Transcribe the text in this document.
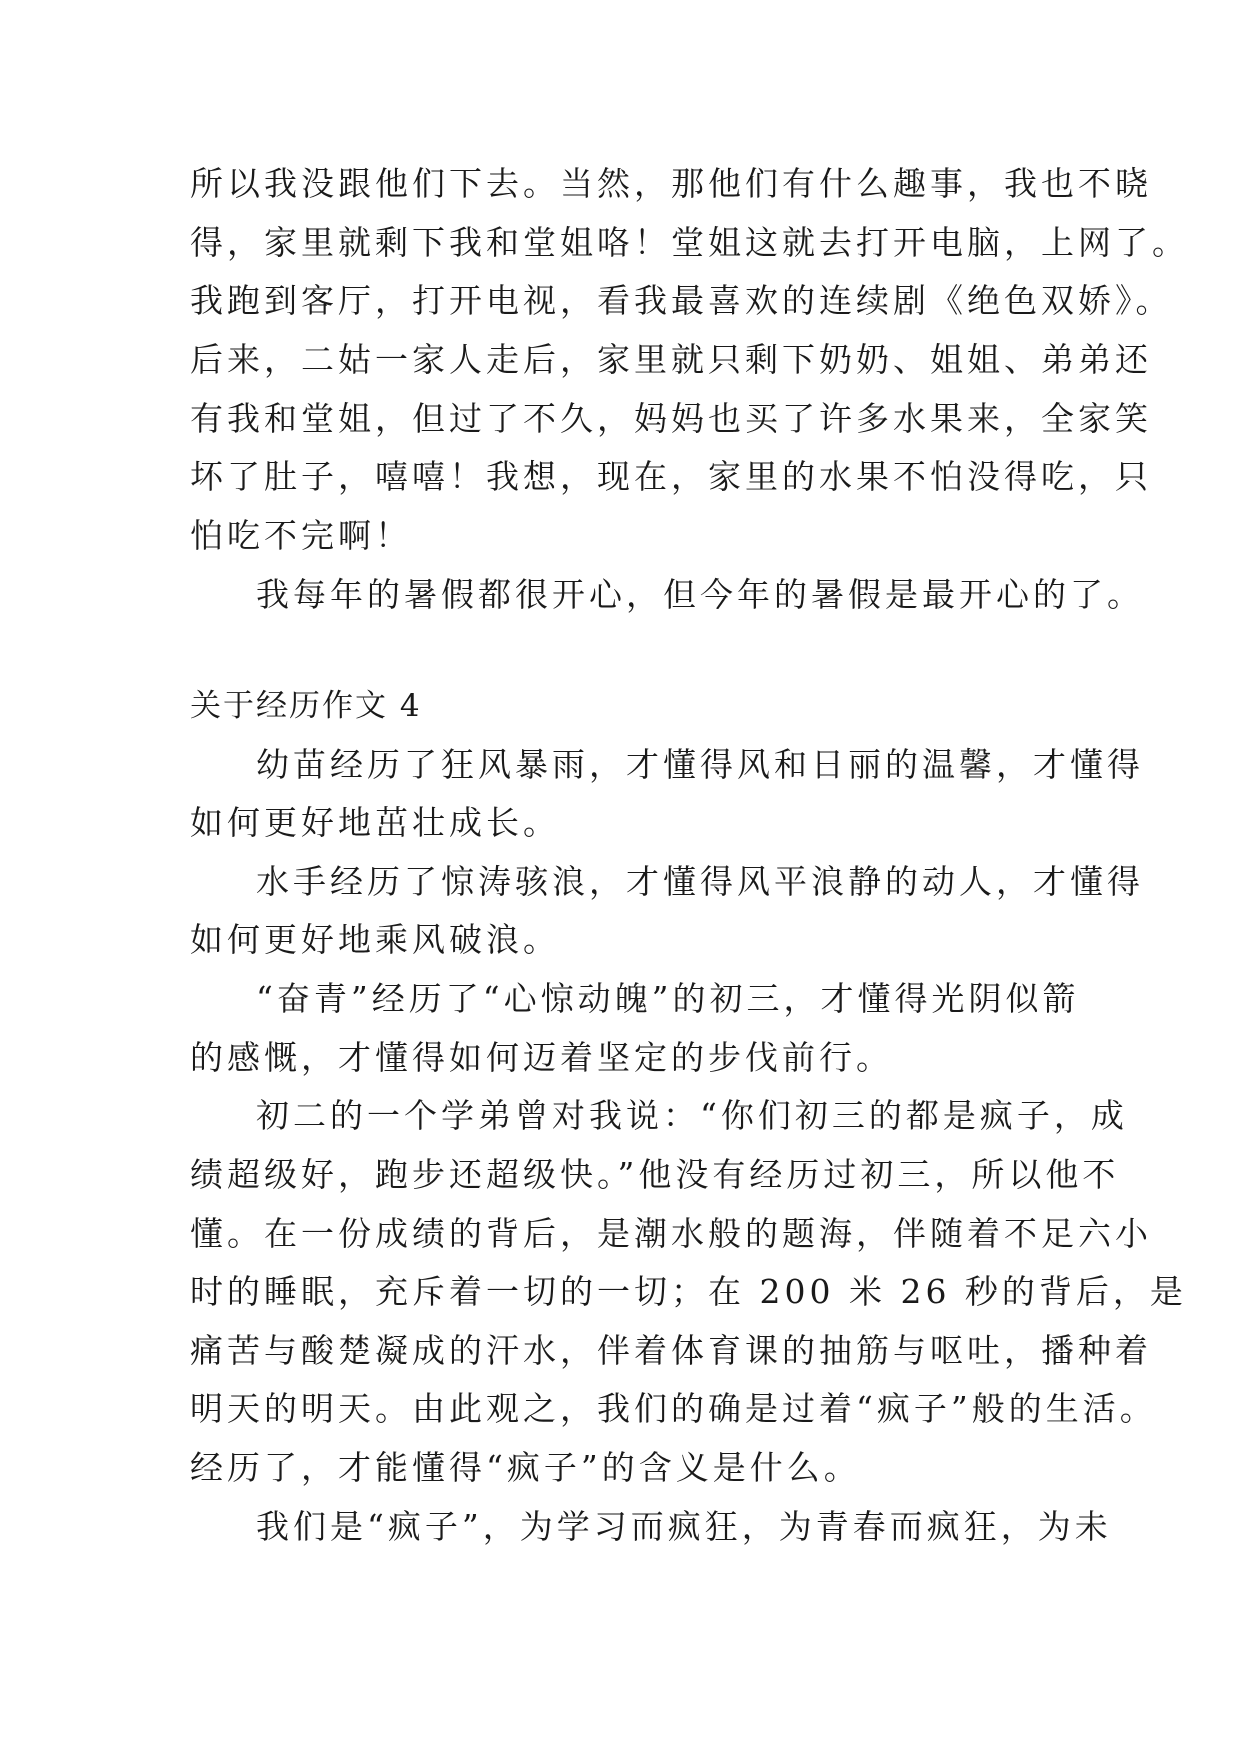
所以我没跟他们下去。当然，那他们有什么趣事，我也不晓
得，家里就剩下我和堂姐咯！堂姐这就去打开电脑，上网了。
我跑到客厅，打开电视，看我最喜欢的连续剧《绝色双娇》。
后来，二姑一家人走后，家里就只剩下奶奶、姐姐、弟弟还
有我和堂姐，但过了不久，妈妈也买了许多水果来，全家笑
坏了肚子，嘻嘻！我想，现在，家里的水果不怕没得吃，只
怕吃不完啊！
我每年的暑假都很开心，但今年的暑假是最开心的了。
关于经历作文 4
幼苗经历了狂风暴雨，才懂得风和日丽的温馨，才懂得
如何更好地茁壮成长。
水手经历了惊涛骇浪，才懂得风平浪静的动人，才懂得
如何更好地乘风破浪。
“奋青”经历了“心惊动魄”的初三，才懂得光阴似箭
的感慨，才懂得如何迈着坚定的步伐前行。
初二的一个学弟曾对我说：“你们初三的都是疯子，成
绩超级好，跑步还超级快。”他没有经历过初三，所以他不
懂。在一份成绩的背后，是潮水般的题海，伴随着不足六小
时的睡眠，充斥着一切的一切；在 200 米 26 秒的背后，是
痛苦与酸楚凝成的汗水，伴着体育课的抽筋与呕吐，播种着
明天的明天。由此观之，我们的确是过着“疯子”般的生活。
经历了，才能懂得“疯子”的含义是什么。
我们是“疯子”，为学习而疯狂，为青春而疯狂，为未
